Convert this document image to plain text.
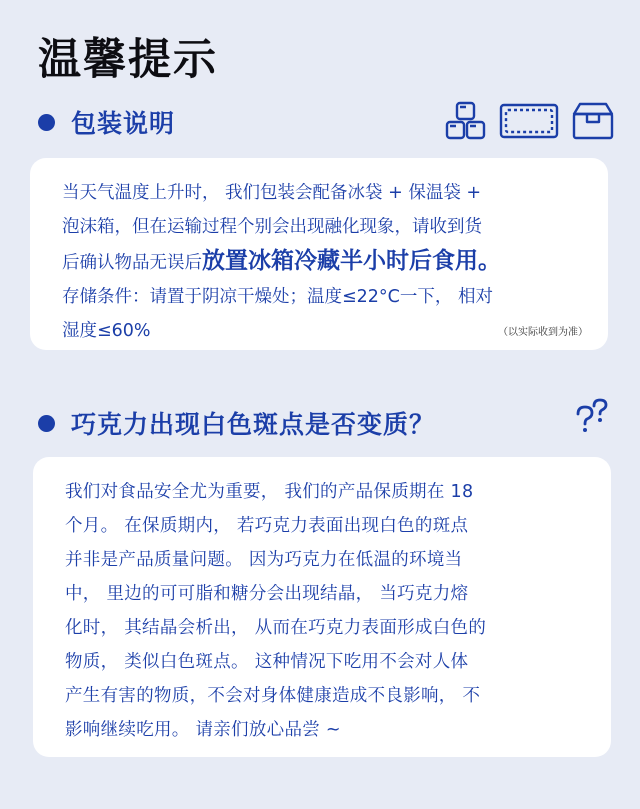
温馨提示
包装说明

当天气温度上升时， 我们包装会配备冰袋 + 保温袋 +

泡沫箱，但在运输过程个别会出现融化现象，请收到货

后确认物品无误后放置冰箱冷藏半小时后食用。

存储条件：请置于阴凉干燥处；温度≤22°C一下， 相对

湿度≤60%	（以实际收到为准）
巧克力出现白色斑点是否变质？

我们对食品安全尤为重要， 我们的产品保质期在 18

个月。 在保质期内， 若巧克力表面出现白色的斑点

并非是产品质量问题。 因为巧克力在低温的环境当

中， 里边的可可脂和糖分会出现结晶， 当巧克力熔

化时， 其结晶会析出， 从而在巧克力表面形成白色的

物质， 类似白色斑点。 这种情况下吃用不会对人体

产生有害的物质，不会对身体健康造成不良影响， 不

影响继续吃用。 请亲们放心品尝 ~
